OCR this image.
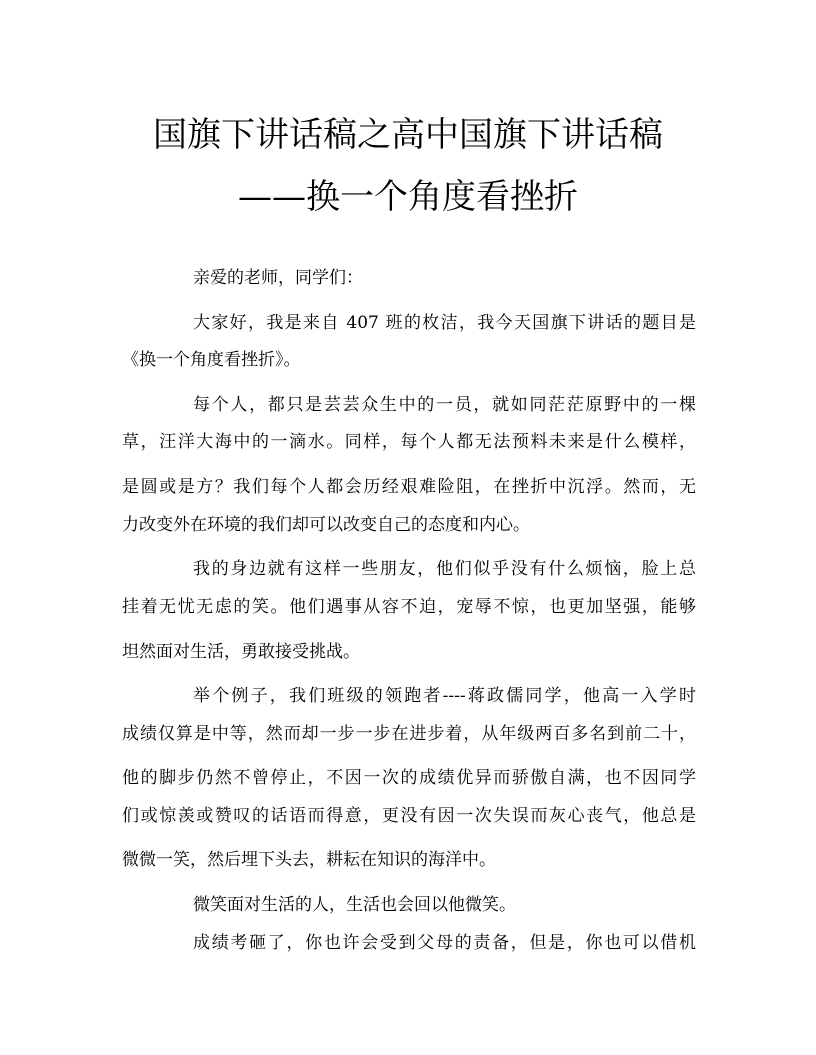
国旗下讲话稿之高中国旗下讲话稿
——换一个角度看挫折
亲爱的老师，同学们：
大家好，我是来自 407 班的枚洁，我今天国旗下讲话的题目是
《换一个角度看挫折》。
每个人，都只是芸芸众生中的一员，就如同茫茫原野中的一棵
草，汪洋大海中的一滴水。同样，每个人都无法预料未来是什么模样，
是圆或是方？我们每个人都会历经艰难险阻，在挫折中沉浮。然而，无
力改变外在环境的我们却可以改变自己的态度和内心。
我的身边就有这样一些朋友，他们似乎没有什么烦恼，脸上总
挂着无忧无虑的笑。他们遇事从容不迫，宠辱不惊，也更加坚强，能够
坦然面对生活，勇敢接受挑战。
举个例子，我们班级的领跑者----蒋政儒同学，他高一入学时
成绩仅算是中等，然而却一步一步在进步着，从年级两百多名到前二十，
他的脚步仍然不曾停止，不因一次的成绩优异而骄傲自满，也不因同学
们或惊羡或赞叹的话语而得意，更没有因一次失误而灰心丧气，他总是
微微一笑，然后埋下头去，耕耘在知识的海洋中。
微笑面对生活的人，生活也会回以他微笑。
成绩考砸了，你也许会受到父母的责备，但是，你也可以借机
